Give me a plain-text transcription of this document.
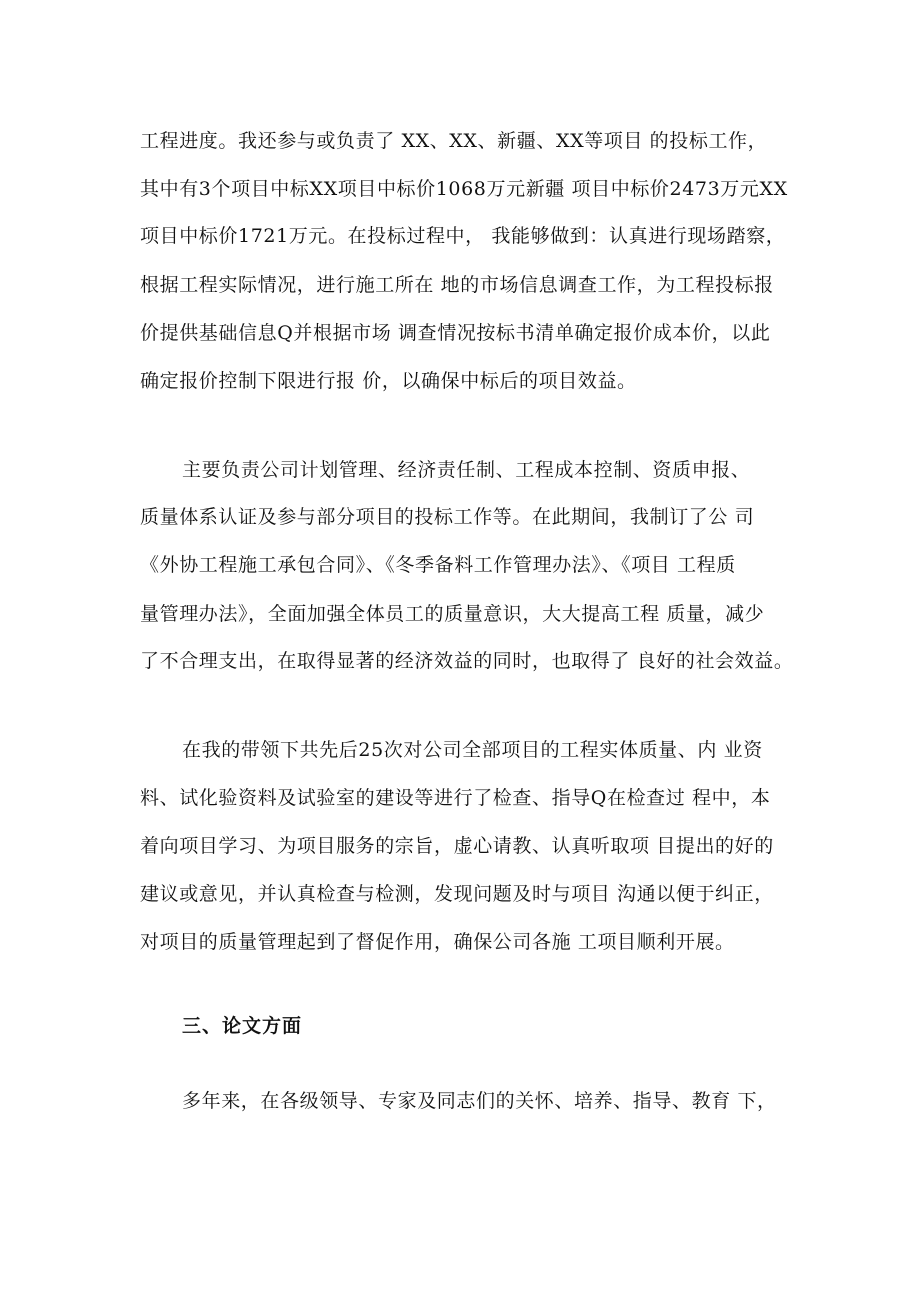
工程进度。我还参与或负责了 XX、XX、新疆、XX等项目 的投标工作，
其中有3个项目中标XX项目中标价1068万元新疆 项目中标价2473万元XX
项目中标价1721万元。在投标过程中， 我能够做到：认真进行现场踏察，
根据工程实际情况，进行施工所在 地的市场信息调查工作，为工程投标报
价提供基础信息Q并根据市场 调查情况按标书清单确定报价成本价，以此
确定报价控制下限进行报 价，以确保中标后的项目效益。
主要负责公司计划管理、经济责任制、工程成本控制、资质申报、
质量体系认证及参与部分项目的投标工作等。在此期间，我制订了公 司
《外协工程施工承包合同》、《冬季备料工作管理办法》、《项目 工程质
量管理办法》，全面加强全体员工的质量意识，大大提高工程 质量，减少
了不合理支出，在取得显著的经济效益的同时，也取得了 良好的社会效益。
在我的带领下共先后25次对公司全部项目的工程实体质量、内 业资
料、试化验资料及试验室的建设等进行了检查、指导Q在检查过 程中，本
着向项目学习、为项目服务的宗旨，虚心请教、认真听取项 目提出的好的
建议或意见，并认真检查与检测，发现问题及时与项目 沟通以便于纠正，
对项目的质量管理起到了督促作用，确保公司各施 工项目顺利开展。
三、论文方面
多年来，在各级领导、专家及同志们的关怀、培养、指导、教育 下，
